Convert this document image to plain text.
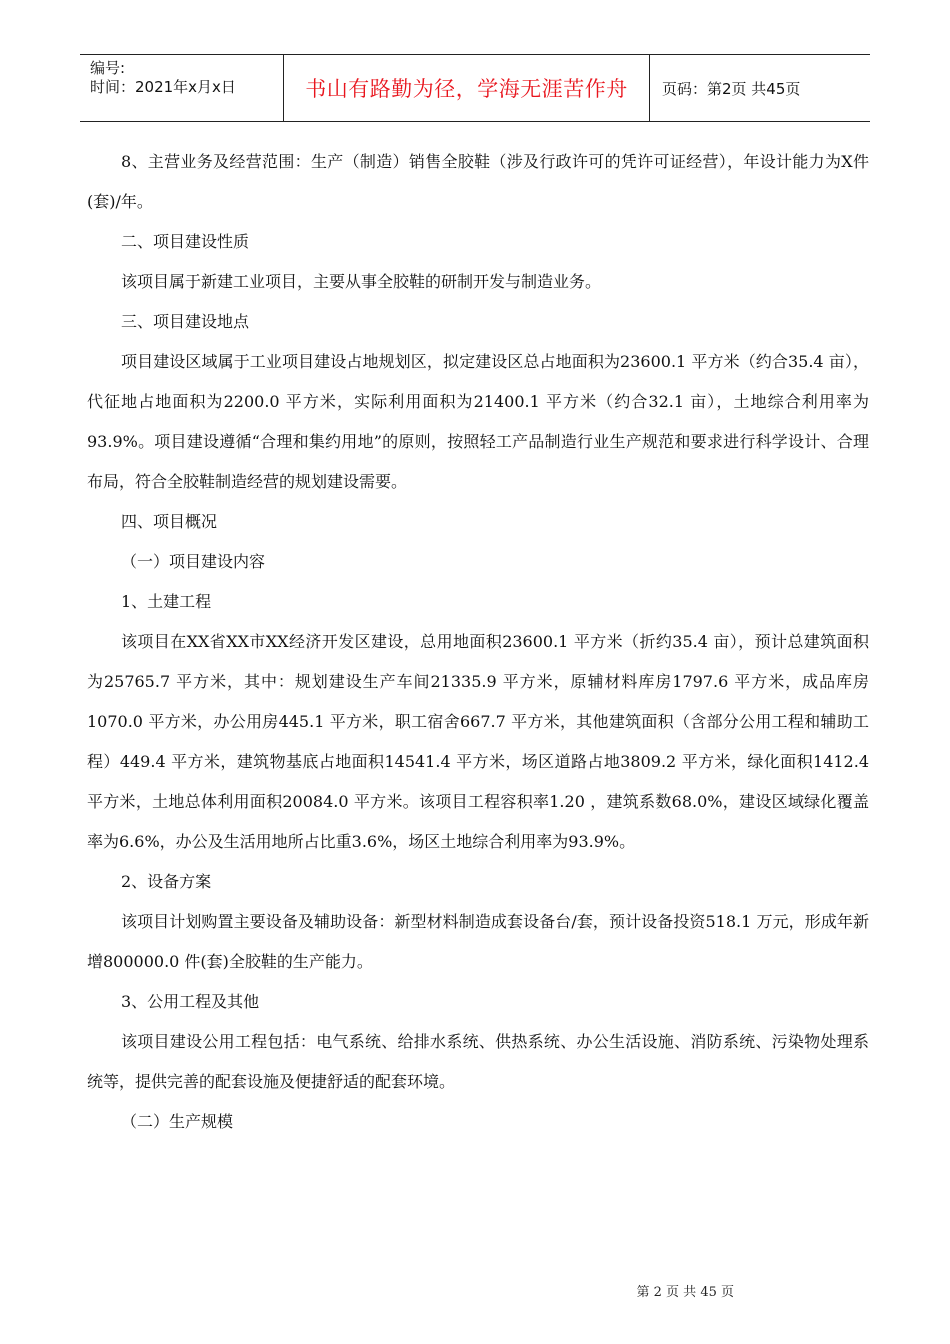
编号:
时间：2021年x月x日	书山有路勤为径，学海无涯苦作舟	页码：第2页 共45页

8、主营业务及经营范围：生产（制造）销售全胶鞋（涉及行政许可的凭许可证经营），年设计能力为X件(套)/年。

二、项目建设性质

该项目属于新建工业项目，主要从事全胶鞋的研制开发与制造业务。

三、项目建设地点

项目建设区域属于工业项目建设占地规划区，拟定建设区总占地面积为23600.1 平方米（约合35.4 亩），代征地占地面积为2200.0 平方米，实际利用面积为21400.1 平方米（约合32.1 亩），土地综合利用率为93.9%。项目建设遵循“合理和集约用地”的原则，按照轻工产品制造行业生产规范和要求进行科学设计、合理布局，符合全胶鞋制造经营的规划建设需要。

四、项目概况

（一）项目建设内容

1、土建工程

该项目在XX省XX市XX经济开发区建设，总用地面积23600.1 平方米（折约35.4 亩），预计总建筑面积为25765.7 平方米，其中：规划建设生产车间21335.9 平方米，原辅材料库房1797.6 平方米，成品库房1070.0 平方米，办公用房445.1 平方米，职工宿舍667.7 平方米，其他建筑面积（含部分公用工程和辅助工程）449.4 平方米，建筑物基底占地面积14541.4 平方米，场区道路占地3809.2 平方米，绿化面积1412.4 平方米，土地总体利用面积20084.0 平方米。该项目工程容积率1.20 ，建筑系数68.0%，建设区域绿化覆盖率为6.6%，办公及生活用地所占比重3.6%，场区土地综合利用率为93.9%。

2、设备方案

该项目计划购置主要设备及辅助设备：新型材料制造成套设备台/套，预计设备投资518.1 万元，形成年新增800000.0 件(套)全胶鞋的生产能力。

3、公用工程及其他

该项目建设公用工程包括：电气系统、给排水系统、供热系统、办公生活设施、消防系统、污染物处理系统等，提供完善的配套设施及便捷舒适的配套环境。

（二）生产规模

第 2 页 共 45 页
